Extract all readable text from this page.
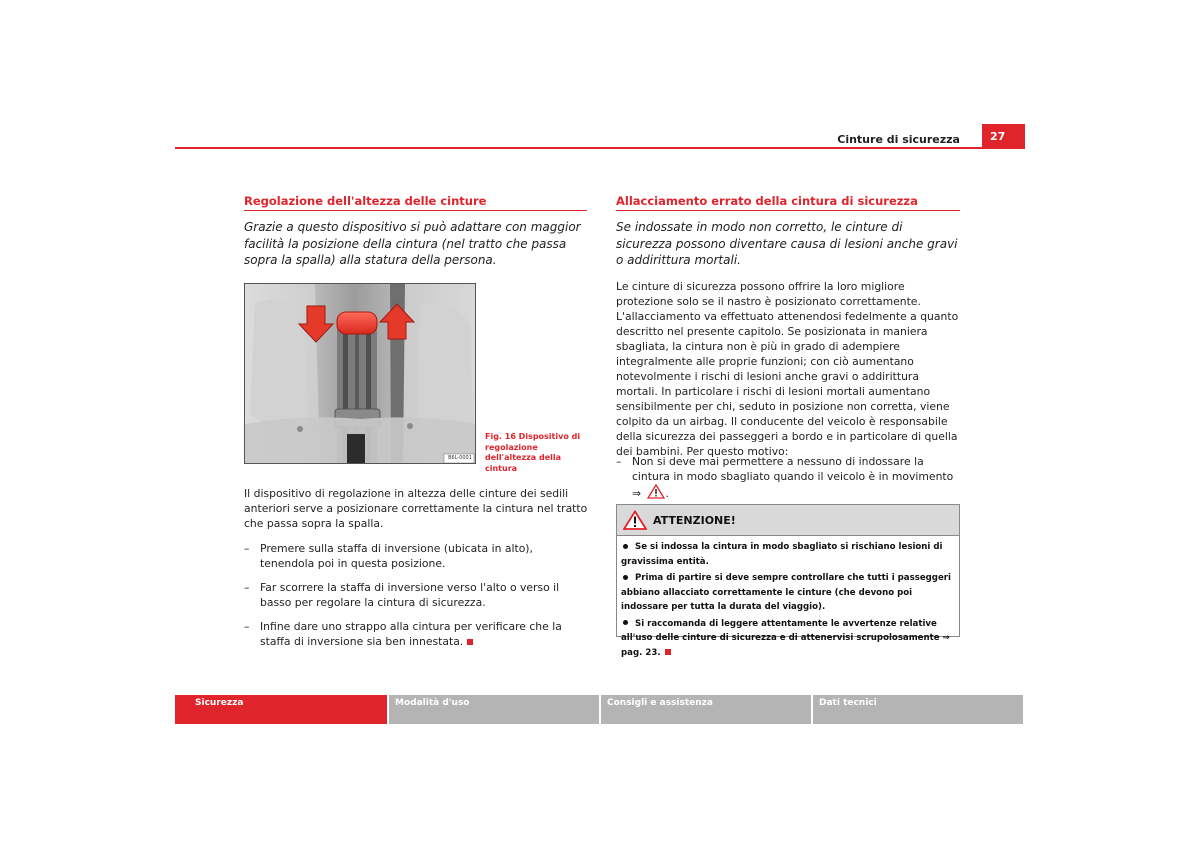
Cinture di sicurezza	27
Regolazione dell'altezza delle cinture
Grazie a questo dispositivo si può adattare con maggior facilità la posizione della cintura (nel tratto che passa sopra la spalla) alla statura della persona.
B6L-0001
Fig. 16 Dispositivo di regolazione dell'altezza della cintura
Il dispositivo di regolazione in altezza delle cinture dei sedili anteriori serve a posizionare correttamente la cintura nel tratto che passa sopra la spalla.
– Premere sulla staffa di inversione (ubicata in alto), tenendola poi in questa posizione.
– Far scorrere la staffa di inversione verso l'alto o verso il basso per regolare la cintura di sicurezza.
– Infine dare uno strappo alla cintura per verificare che la staffa di inversione sia ben innestata.
Allacciamento errato della cintura di sicurezza
Se indossate in modo non corretto, le cinture di sicurezza possono diventare causa di lesioni anche gravi o addirittura mortali.
Le cinture di sicurezza possono offrire la loro migliore protezione solo se il nastro è posizionato correttamente. L'allacciamento va effettuato attenendosi fedelmente a quanto descritto nel presente capitolo. Se posizionata in maniera sbagliata, la cintura non è più in grado di adempiere integralmente alle proprie funzioni; con ciò aumentano notevolmente i rischi di lesioni anche gravi o addirittura mortali. In particolare i rischi di lesioni mortali aumentano sensibilmente per chi, seduto in posizione non corretta, viene colpito da un airbag. Il conducente del veicolo è responsabile della sicurezza dei passeggeri a bordo e in particolare di quella dei bambini. Per questo motivo:
– Non si deve mai permettere a nessuno di indossare la cintura in modo sbagliato quando il veicolo è in movimento ⇒ .
ATTENZIONE!
Se si indossa la cintura in modo sbagliato si rischiano lesioni di gravissima entità.
Prima di partire si deve sempre controllare che tutti i passeggeri abbiano allacciato correttamente le cinture (che devono poi indossare per tutta la durata del viaggio).
Si raccomanda di leggere attentamente le avvertenze relative all'uso delle cinture di sicurezza e di attenervisi scrupolosamente ⇒ pag. 23.
Sicurezza	Modalità d'uso	Consigli e assistenza	Dati tecnici
